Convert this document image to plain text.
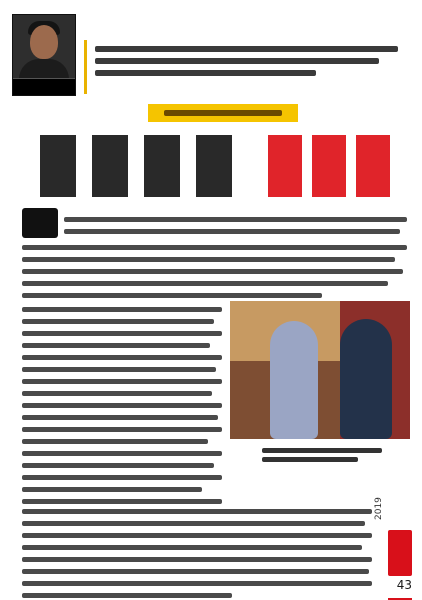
2019
43
